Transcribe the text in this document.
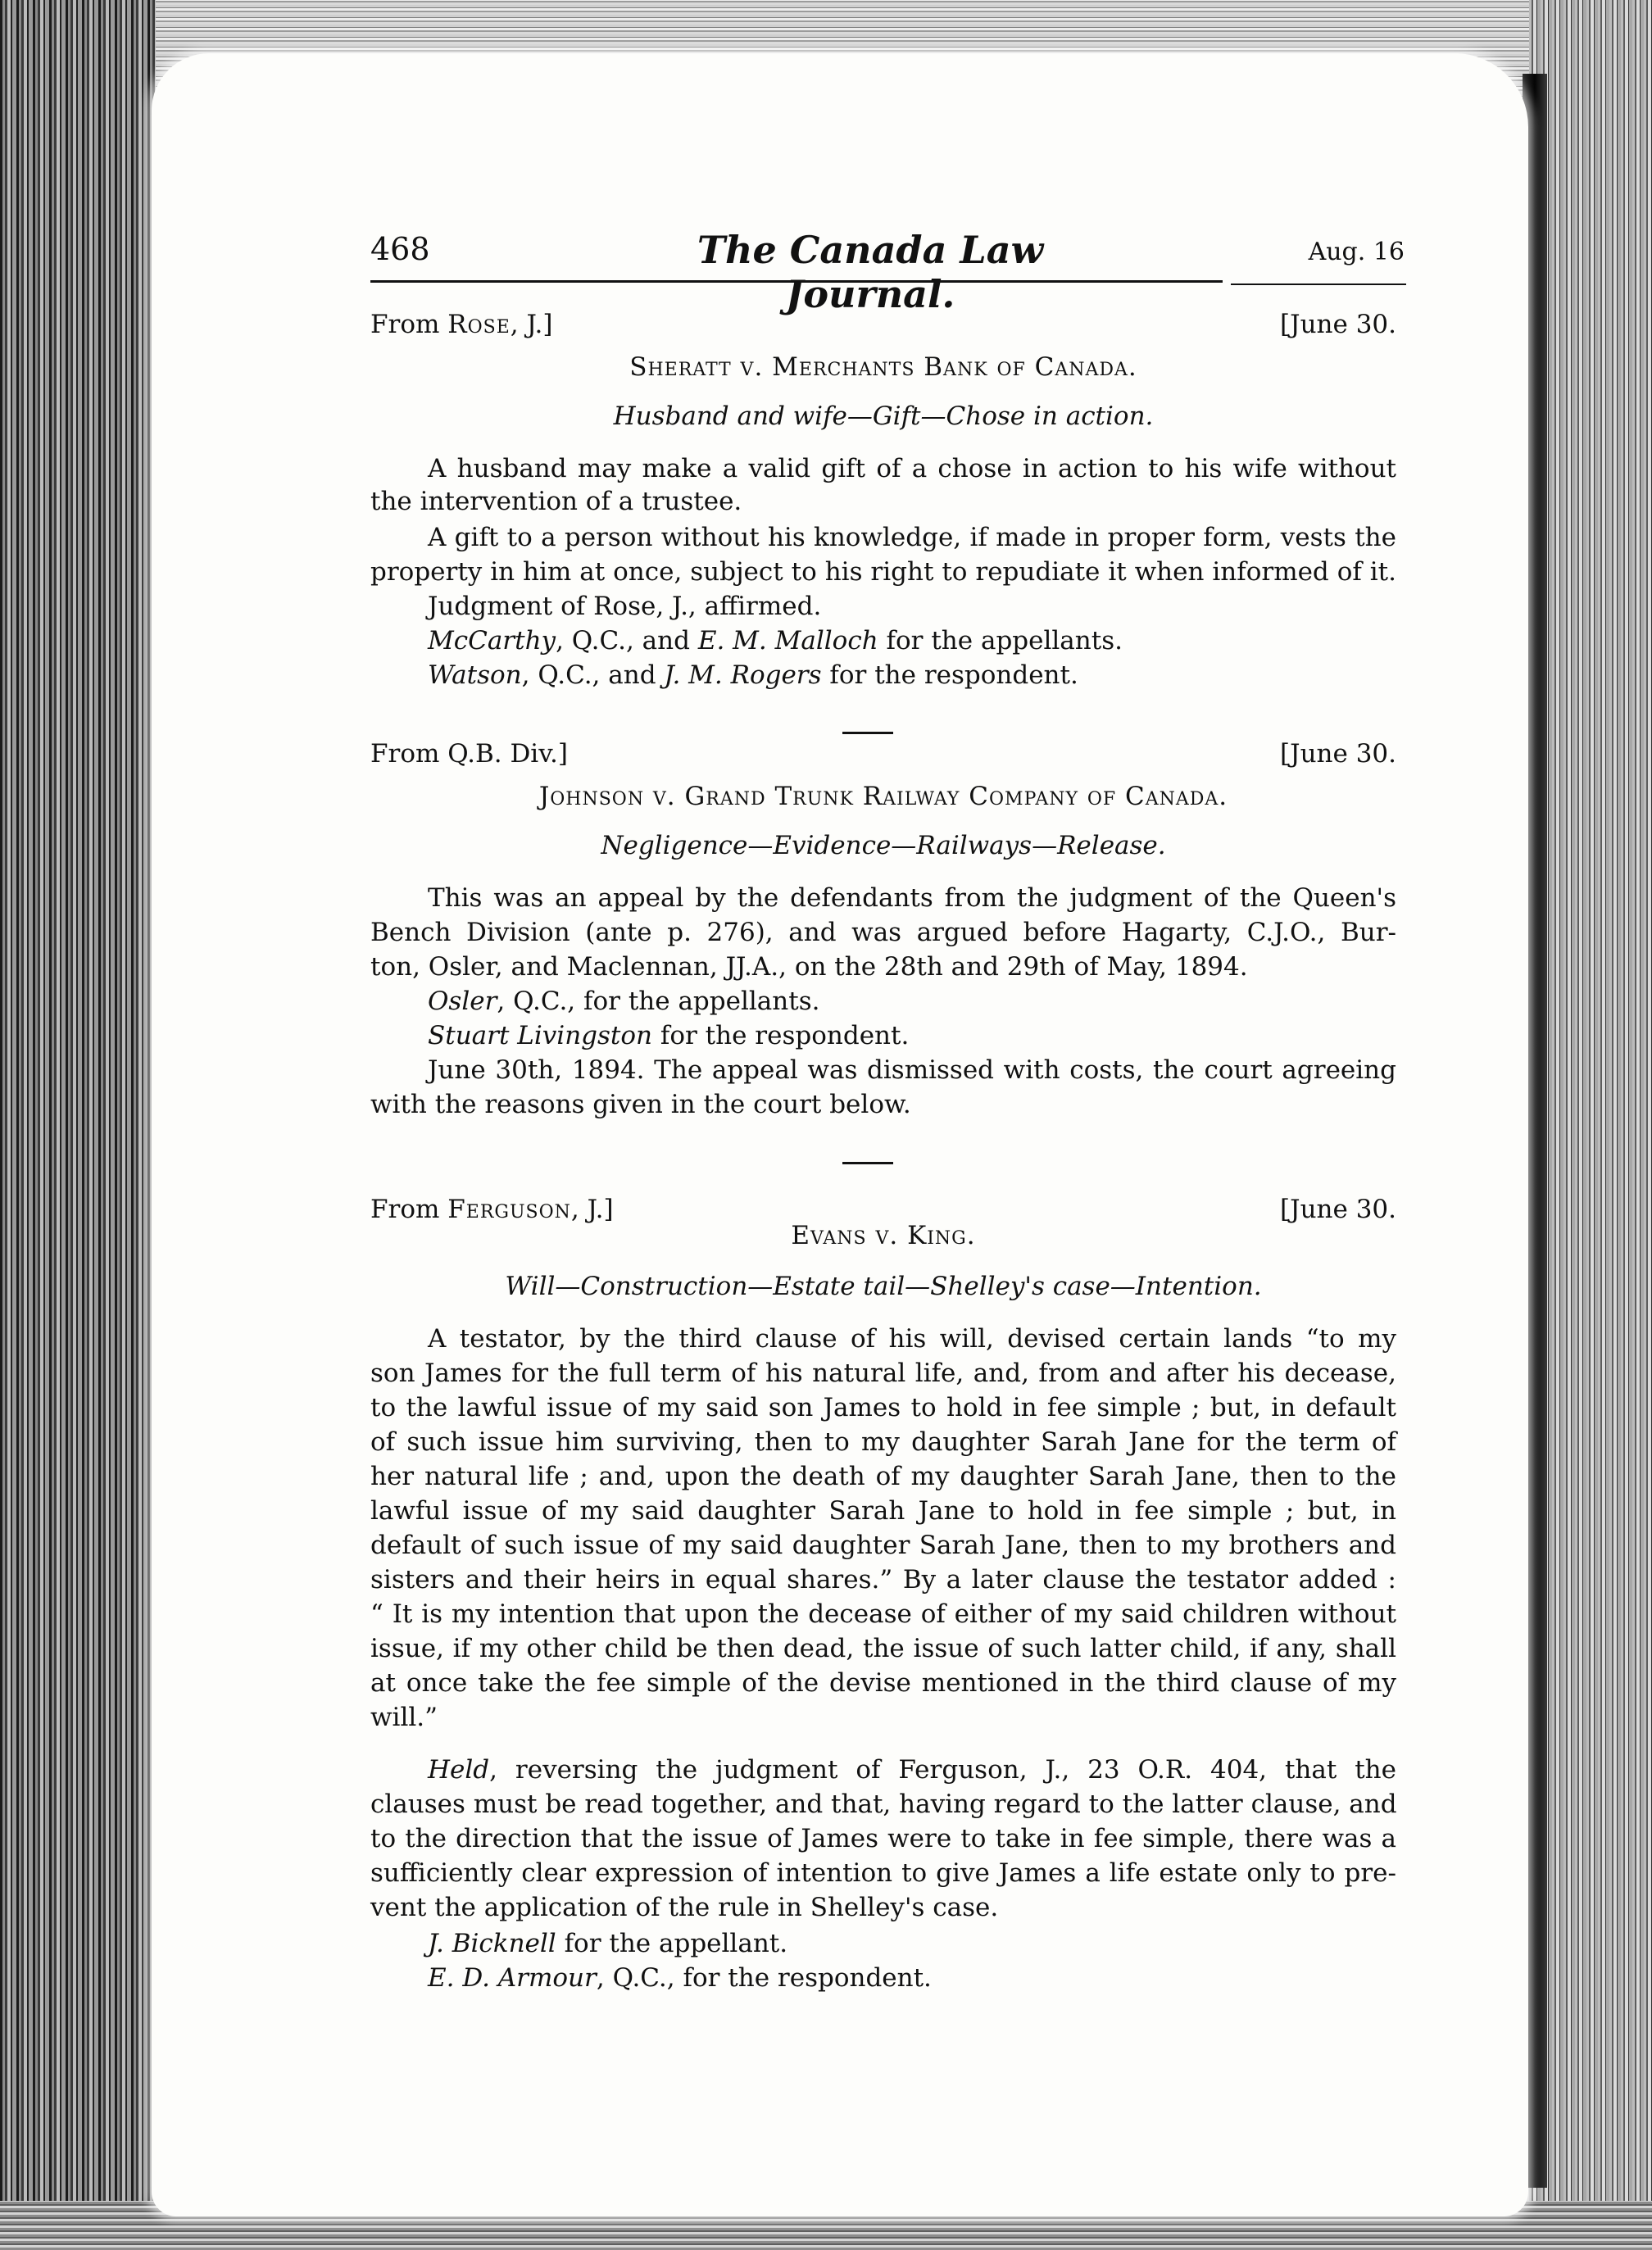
468	The Canada Law Journal.
Aug. 16
From Rose, J.]	[June 30.
Sheratt v. Merchants Bank of Canada.
Husband and wife—Gift—Chose in action.
A husband may make a valid gift of a chose in action to his wife without
the intervention of a trustee.
A gift to a person without his knowledge, if made in proper form, vests the
property in him at once, subject to his right to repudiate it when informed of it.
Judgment of Rose, J., affirmed.
McCarthy, Q.C., and E. M. Malloch for the appellants.
Watson, Q.C., and J. M. Rogers for the respondent.
From Q.B. Div.]	[June 30.
Johnson v. Grand Trunk Railway Company of Canada.
Negligence—Evidence—Railways—Release.
This was an appeal by the defendants from the judgment of the Queen's
Bench Division (ante p. 276), and was argued before Hagarty, C.J.O., Bur-
ton, Osler, and Maclennan, JJ.A., on the 28th and 29th of May, 1894.
Osler, Q.C., for the appellants.
Stuart Livingston for the respondent.
June 30th, 1894. The appeal was dismissed with costs, the court agreeing
with the reasons given in the court below.
From Ferguson, J.]	[June 30.
Evans v. King.
Will—Construction—Estate tail—Shelley's case—Intention.
A testator, by the third clause of his will, devised certain lands “to my
son James for the full term of his natural life, and, from and after his decease,
to the lawful issue of my said son James to hold in fee simple ; but, in default
of such issue him surviving, then to my daughter Sarah Jane for the term of
her natural life ; and, upon the death of my daughter Sarah Jane, then to the
lawful issue of my said daughter Sarah Jane to hold in fee simple ; but, in
default of such issue of my said daughter Sarah Jane, then to my brothers and
sisters and their heirs in equal shares.” By a later clause the testator added :
“ It is my intention that upon the decease of either of my said children without
issue, if my other child be then dead, the issue of such latter child, if any, shall
at once take the fee simple of the devise mentioned in the third clause of my
will.”
Held, reversing the judgment of Ferguson, J., 23 O.R. 404, that the
clauses must be read together, and that, having regard to the latter clause, and
to the direction that the issue of James were to take in fee simple, there was a
sufficiently clear expression of intention to give James a life estate only to pre-
vent the application of the rule in Shelley's case.
J. Bicknell for the appellant.
E. D. Armour, Q.C., for the respondent.
